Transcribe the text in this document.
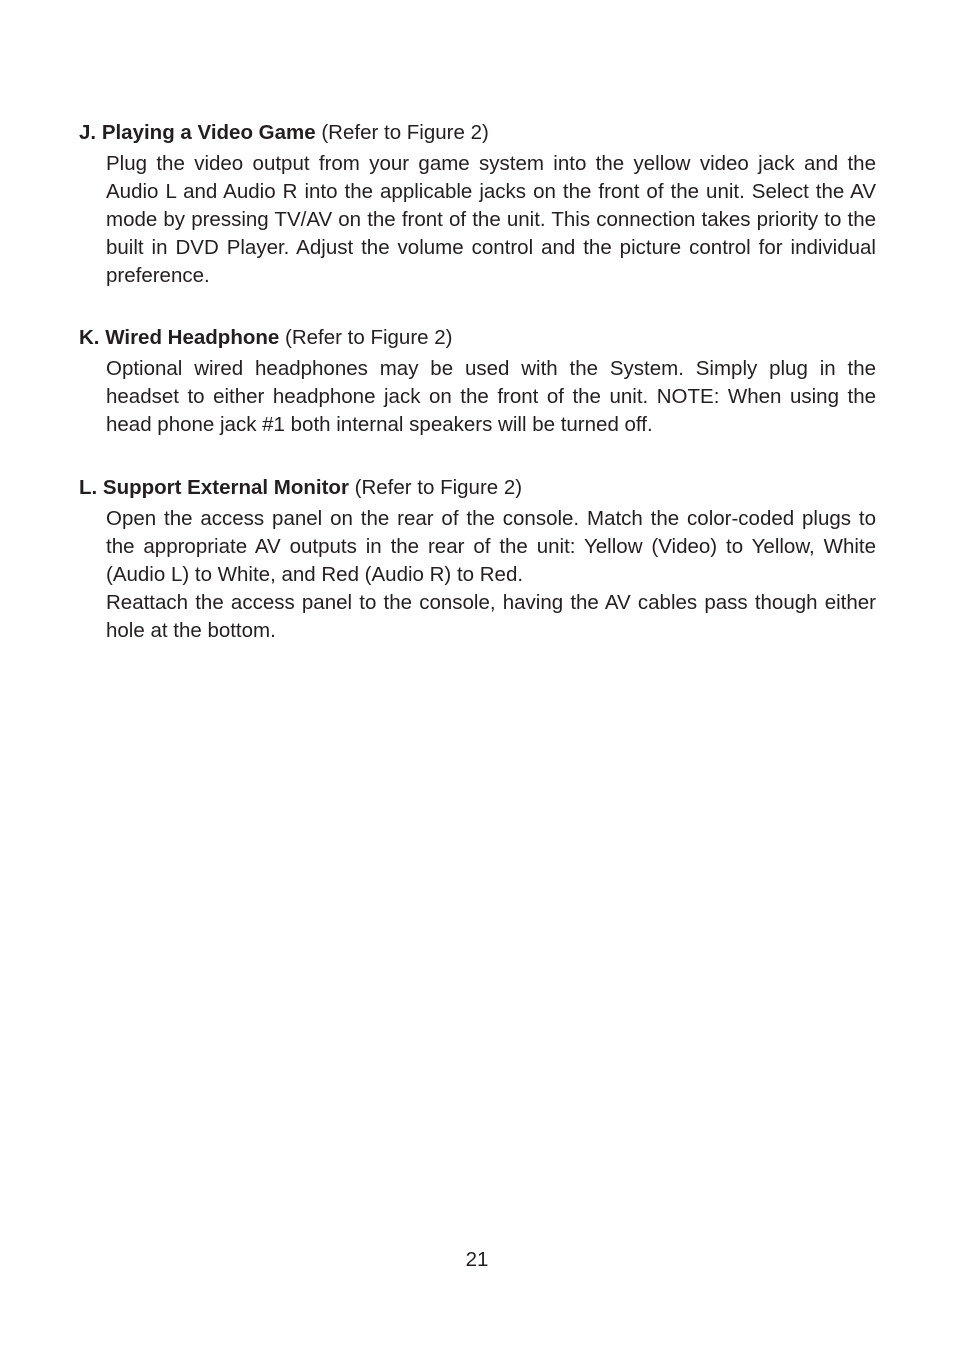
J. Playing a Video Game (Refer to Figure 2)

Plug the video output from your game system into the yellow video jack and the Audio L and Audio R into the applicable jacks on the front of the unit. Select the AV mode by pressing TV/AV on the front of the unit. This connection takes priority to the built in DVD Player. Adjust the volume control and the picture control for individual preference.

K. Wired Headphone (Refer to Figure 2)

Optional wired headphones may be used with the System. Simply plug in the headset to either headphone jack on the front of the unit. NOTE: When using the head phone jack #1 both internal speakers will be turned off.

L. Support External Monitor (Refer to Figure 2)

Open the access panel on the rear of the console. Match the color-coded plugs to the appropriate AV outputs in the rear of the unit: Yellow (Video) to Yellow, White (Audio L) to White, and Red (Audio R) to Red.

Reattach the access panel to the console, having the AV cables pass though either hole at the bottom.

21
